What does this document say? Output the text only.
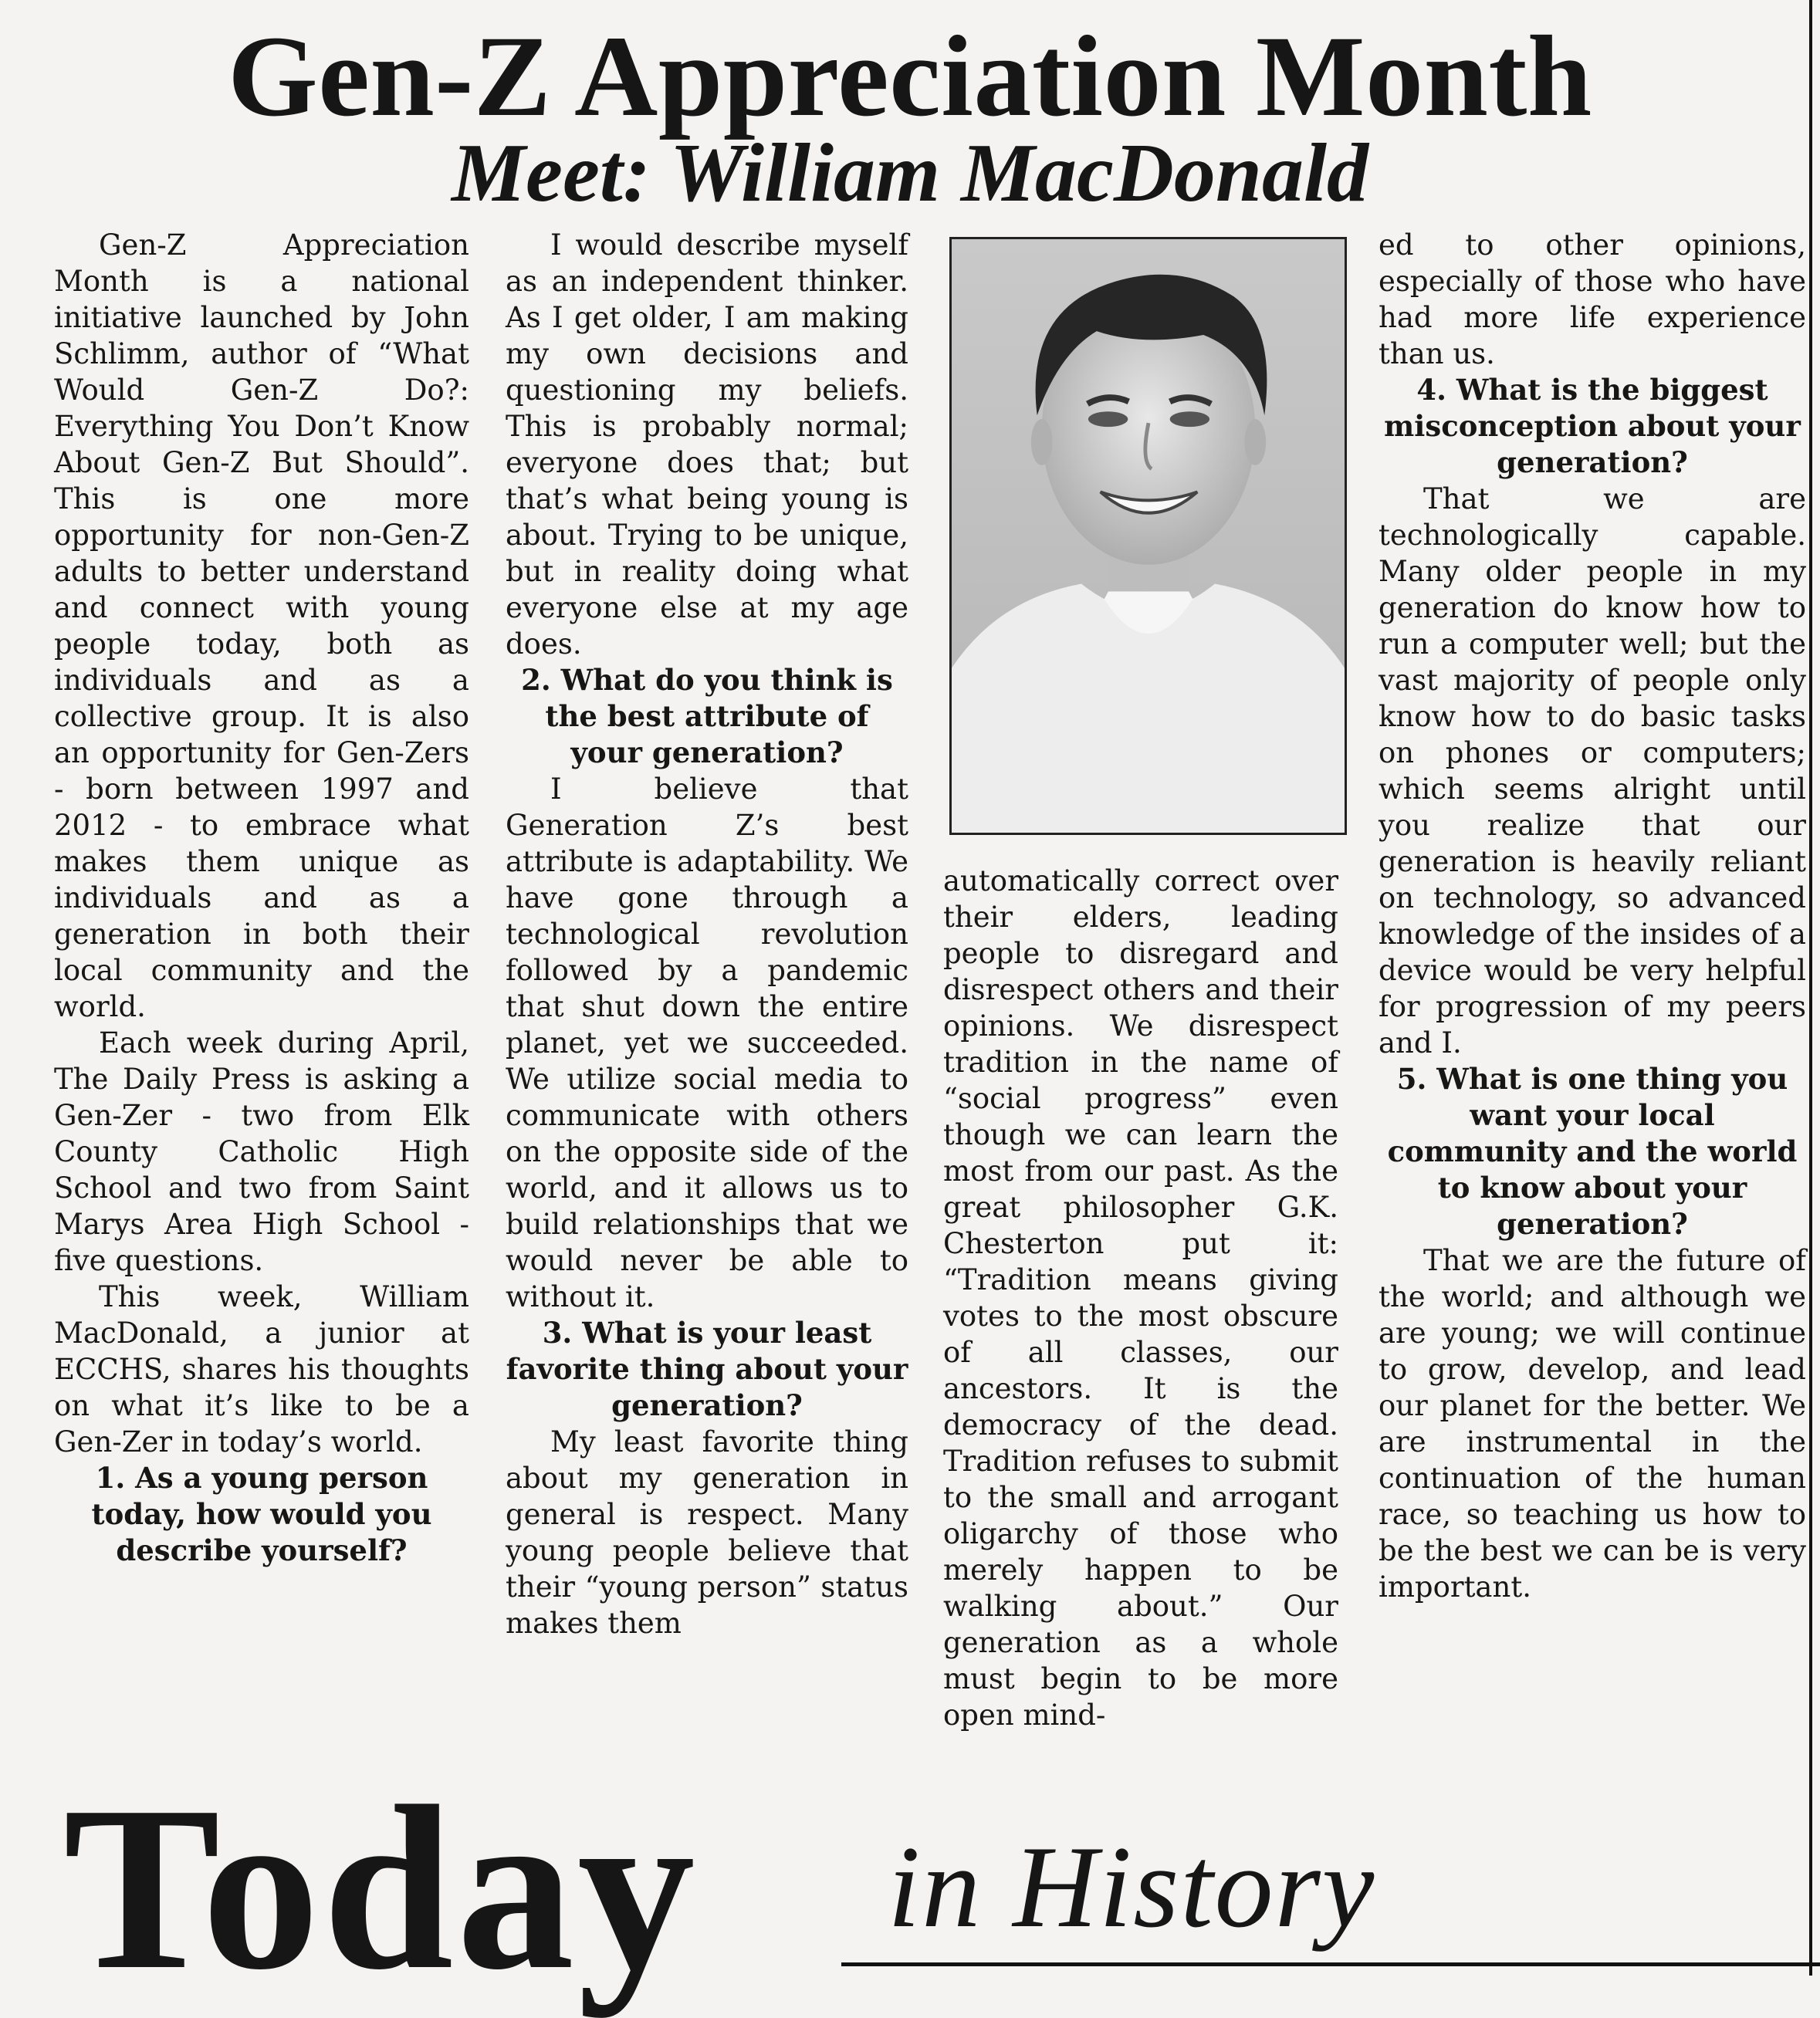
Gen-Z Appreciation Month
Meet: William MacDonald

Gen-Z Appreciation Month is a national initiative launched by John Schlimm, author of “What Would Gen-Z Do?: Everything You Don’t Know About Gen-Z But Should”. This is one more opportunity for non-Gen-Z adults to better understand and connect with young people today, both as individuals and as a collective group. It is also an opportunity for Gen-Zers - born between 1997 and 2012 - to embrace what makes them unique as individuals and as a generation in both their local community and the world.

Each week during April, The Daily Press is asking a Gen-Zer - two from Elk County Catholic High School and two from Saint Marys Area High School - five questions.

This week, William MacDonald, a junior at ECCHS, shares his thoughts on what it’s like to be a Gen-Zer in today’s world.

1. As a young person today, how would you describe yourself?

I would describe myself as an independent thinker. As I get older, I am making my own decisions and questioning my beliefs. This is probably normal; everyone does that; but that’s what being young is about. Trying to be unique, but in reality doing what everyone else at my age does.

2. What do you think is the best attribute of your generation?

I believe that Generation Z’s best attribute is adaptability. We have gone through a technological revolution followed by a pandemic that shut down the entire planet, yet we succeeded. We utilize social media to communicate with others on the opposite side of the world, and it allows us to build relationships that we would never be able to without it.

3. What is your least favorite thing about your generation?

My least favorite thing about my generation in general is respect. Many young people believe that their “young person” status makes them

automatically correct over their elders, leading people to disregard and disrespect others and their opinions. We disrespect tradition in the name of “social progress” even though we can learn the most from our past. As the great philosopher G.K. Chesterton put it: “Tradition means giving votes to the most obscure of all classes, our ancestors. It is the democracy of the dead. Tradition refuses to submit to the small and arrogant oligarchy of those who merely happen to be walking about.” Our generation as a whole must begin to be more open mind-

ed to other opinions, especially of those who have had more life experience than us.

4. What is the biggest misconception about your generation?

That we are technologically capable. Many older people in my generation do know how to run a computer well; but the vast majority of people only know how to do basic tasks on phones or computers; which seems alright until you realize that our generation is heavily reliant on technology, so advanced knowledge of the insides of a device would be very helpful for progression of my peers and I.

5. What is one thing you want your local community and the world to know about your generation?

That we are the future of the world; and although we are young; we will continue to grow, develop, and lead our planet for the better. We are instrumental in the continuation of the human race, so teaching us how to be the best we can be is very important.

Today in History
